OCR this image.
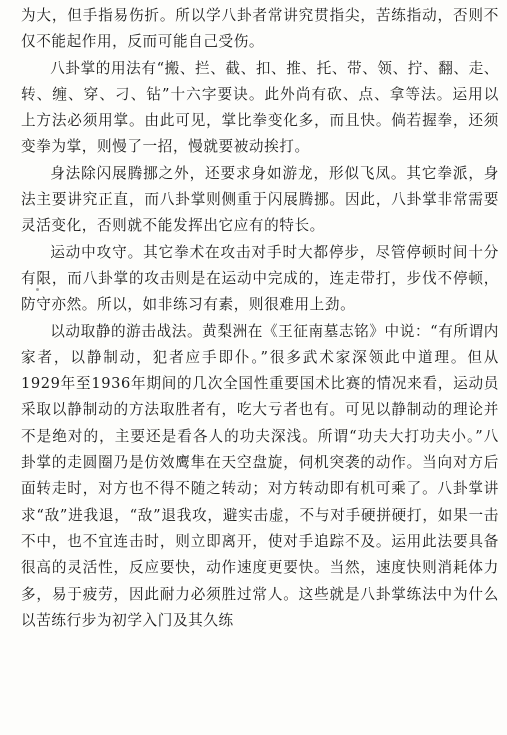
为大，但手指易伤折。所以学八卦者常讲究贯指尖，苦练指动，否则不仅不能起作用，反而可能自己受伤。

八卦掌的用法有“搬、拦、截、扣、推、托、带、领、拧、翻、走、转、缠、穿、刁、钻”十六字要诀。此外尚有砍、点、拿等法。运用以上方法必须用掌。由此可见，掌比拳变化多，而且快。倘若握拳，还须变拳为掌，则慢了一招，慢就要被动挨打。

身法除闪展腾挪之外，还要求身如游龙，形似飞凤。其它拳派，身法主要讲究正直，而八卦掌则侧重于闪展腾挪。因此，八卦掌非常需要灵活变化，否则就不能发挥出它应有的特长。

运动中攻守。其它拳术在攻击对手时大都停步，尽管停顿时间十分有限，而八卦掌的攻击则是在运动中完成的，连走带打，步伐不停顿，防守亦然。所以，如非练习有素，则很难用上劲。

以动取静的游击战法。黄梨洲在《王征南墓志铭》中说：“有所谓内家者，以静制动，犯者应手即仆。”很多武术家深领此中道理。但从1929年至1936年期间的几次全国性重要国术比赛的情况来看，运动员采取以静制动的方法取胜者有，吃大亏者也有。可见以静制动的理论并不是绝对的，主要还是看各人的功夫深浅。所谓“功夫大打功夫小。”八卦掌的走圆圈乃是仿效鹰隼在天空盘旋，伺机突袭的动作。当向对方后面转走时，对方也不得不随之转动；对方转动即有机可乘了。八卦掌讲求“敌”进我退，“敌”退我攻，避实击虚，不与对手硬拼硬打，如果一击不中，也不宜连击时，则立即离开，使对手追踪不及。运用此法要具备很高的灵活性，反应要快，动作速度更要快。当然，速度快则消耗体力多，易于疲劳，因此耐力必须胜过常人。这些就是八卦掌练法中为什么以苦练行步为初学入门及其久练
